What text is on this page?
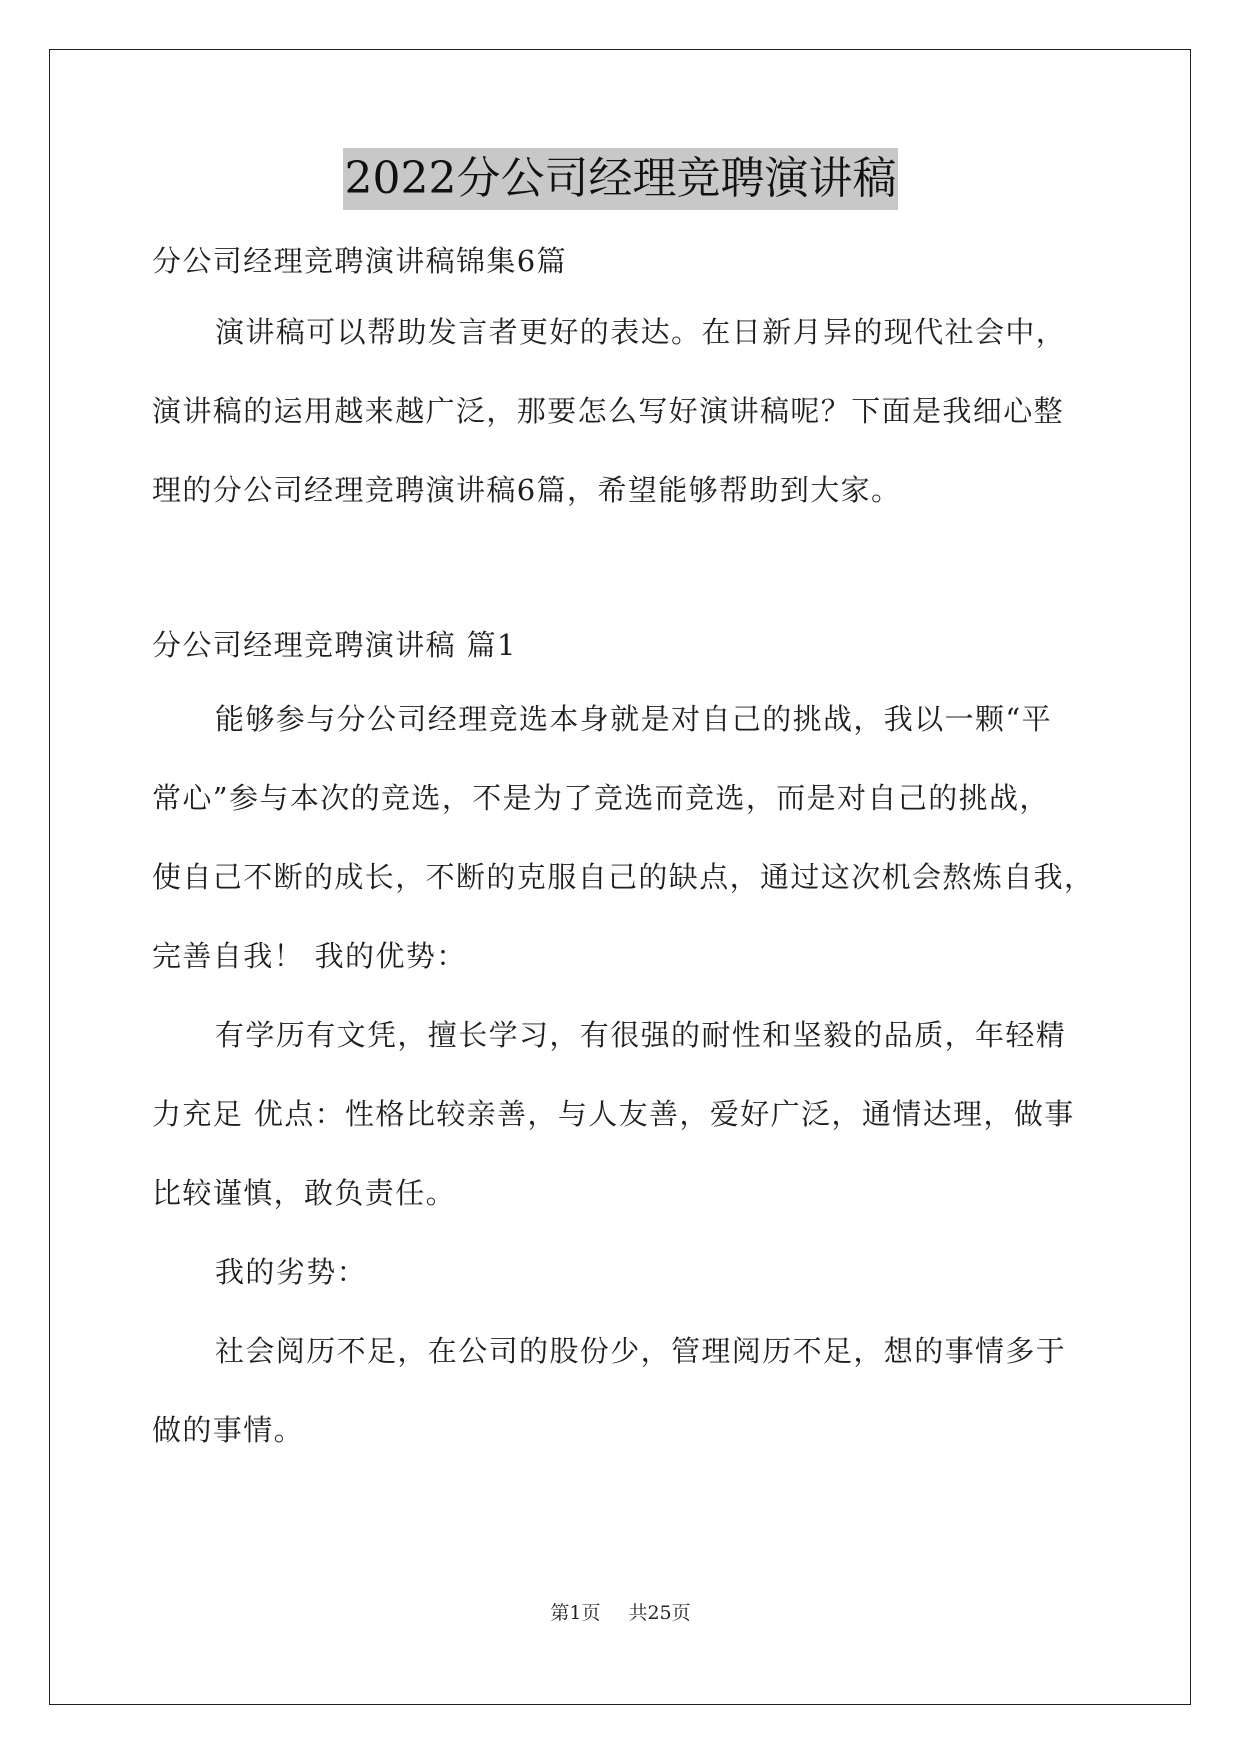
2022分公司经理竞聘演讲稿
分公司经理竞聘演讲稿锦集6篇
演讲稿可以帮助发言者更好的表达。在日新月异的现代社会中，
演讲稿的运用越来越广泛，那要怎么写好演讲稿呢？下面是我细心整
理的分公司经理竞聘演讲稿6篇，希望能够帮助到大家。
分公司经理竞聘演讲稿 篇1
能够参与分公司经理竞选本身就是对自己的挑战，我以一颗“平
常心”参与本次的竞选，不是为了竞选而竞选，而是对自己的挑战，
使自己不断的成长，不断的克服自己的缺点，通过这次机会熬炼自我，
完善自我！ 我的优势：
有学历有文凭，擅长学习，有很强的耐性和坚毅的品质，年轻精
力充足 优点：性格比较亲善，与人友善，爱好广泛，通情达理，做事
比较谨慎，敢负责任。
我的劣势：
社会阅历不足，在公司的股份少，管理阅历不足，想的事情多于
做的事情。
第1页 共25页
